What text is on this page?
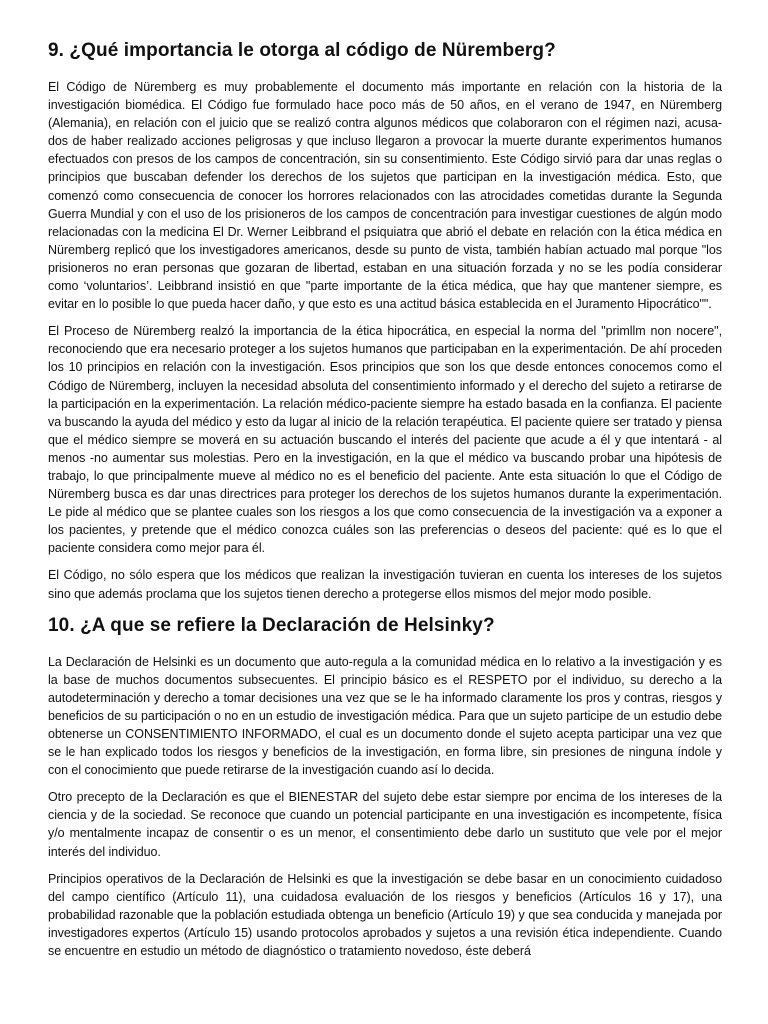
9. ¿Qué importancia le otorga al código de Nüremberg?

El Código de Nüremberg es muy probablemente el documento más importante en relación con la historia de la investigación biomédica. El Código fue formulado hace poco más de 50 años, en el verano de 1947, en Nüremberg (Alemania), en relación con el juicio que se realizó contra algunos médicos que colaboraron con el régimen nazi, acusa-dos de haber realizado acciones peligrosas y que incluso llegaron a provocar la muerte durante experimentos humanos efectuados con presos de los campos de concentración, sin su consentimiento. Este Código sirvió para dar unas reglas o principios que buscaban defender los derechos de los sujetos que participan en la investigación médica. Esto, que comenzó como consecuencia de conocer los horrores relacionados con las atrocidades cometidas durante la Segunda Guerra Mundial y con el uso de los prisioneros de los campos de concentración para investigar cuestiones de algún modo relacionadas con la medicina El Dr. Werner Leibbrand el psiquiatra que abrió el debate en relación con la ética médica en Nüremberg replicó que los investigadores americanos, desde su punto de vista, también habían actuado mal porque "los prisioneros no eran personas que gozaran de libertad, estaban en una situación forzada y no se les podía considerar como ‘voluntarios’. Leibbrand insistió en que "parte importante de la ética médica, que hay que mantener siempre, es evitar en lo posible lo que pueda hacer daño, y que esto es una actitud básica establecida en el Juramento Hipocrático"".

El Proceso de Nüremberg realzó la importancia de la ética hipocrática, en especial la norma del "primllm non nocere", reconociendo que era necesario proteger a los sujetos humanos que participaban en la experimentación. De ahí proceden los 10 principios en relación con la investigación. Esos principios que son los que desde entonces conocemos como el Código de Nüremberg, incluyen la necesidad absoluta del consentimiento informado y el derecho del sujeto a retirarse de la participación en la experimentación. La relación médico-paciente siempre ha estado basada en la confianza. El paciente va buscando la ayuda del médico y esto da lugar al inicio de la relación terapéutica. El paciente quiere ser tratado y piensa que el médico siempre se moverá en su actuación buscando el interés del paciente que acude a él y que intentará - al menos -no aumentar sus molestias. Pero en la investigación, en la que el médico va buscando probar una hipótesis de trabajo, lo que principalmente mueve al médico no es el beneficio del paciente. Ante esta situación lo que el Código de Nüremberg busca es dar unas directrices para proteger los derechos de los sujetos humanos durante la experimentación. Le pide al médico que se plantee cuales son los riesgos a los que como consecuencia de la investigación va a exponer a los pacientes, y pretende que el médico conozca cuáles son las preferencias o deseos del paciente: qué es lo que el paciente considera como mejor para él.

El Código, no sólo espera que los médicos que realizan la investigación tuvieran en cuenta los intereses de los sujetos sino que además proclama que los sujetos tienen derecho a protegerse ellos mismos del mejor modo posible.

10. ¿A que se refiere la Declaración de Helsinky?

La Declaración de Helsinki es un documento que auto-regula a la comunidad médica en lo relativo a la investigación y es la base de muchos documentos subsecuentes. El principio básico es el RESPETO por el individuo, su derecho a la autodeterminación y derecho a tomar decisiones una vez que se le ha informado claramente los pros y contras, riesgos y beneficios de su participación o no en un estudio de investigación médica. Para que un sujeto participe de un estudio debe obtenerse un CONSENTIMIENTO INFORMADO, el cual es un documento donde el sujeto acepta participar una vez que se le han explicado todos los riesgos y beneficios de la investigación, en forma libre, sin presiones de ninguna índole y con el conocimiento que puede retirarse de la investigación cuando así lo decida.

Otro precepto de la Declaración es que el BIENESTAR del sujeto debe estar siempre por encima de los intereses de la ciencia y de la sociedad. Se reconoce que cuando un potencial participante en una investigación es incompetente, física y/o mentalmente incapaz de consentir o es un menor, el consentimiento debe darlo un sustituto que vele por el mejor interés del individuo.

Principios operativos de la Declaración de Helsinki es que la investigación se debe basar en un conocimiento cuidadoso del campo científico (Artículo 11), una cuidadosa evaluación de los riesgos y beneficios (Artículos 16 y 17), una probabilidad razonable que la población estudiada obtenga un beneficio (Artículo 19) y que sea conducida y manejada por investigadores expertos (Artículo 15) usando protocolos aprobados y sujetos a una revisión ética independiente. Cuando se encuentre en estudio un método de diagnóstico o tratamiento novedoso, éste deberá
